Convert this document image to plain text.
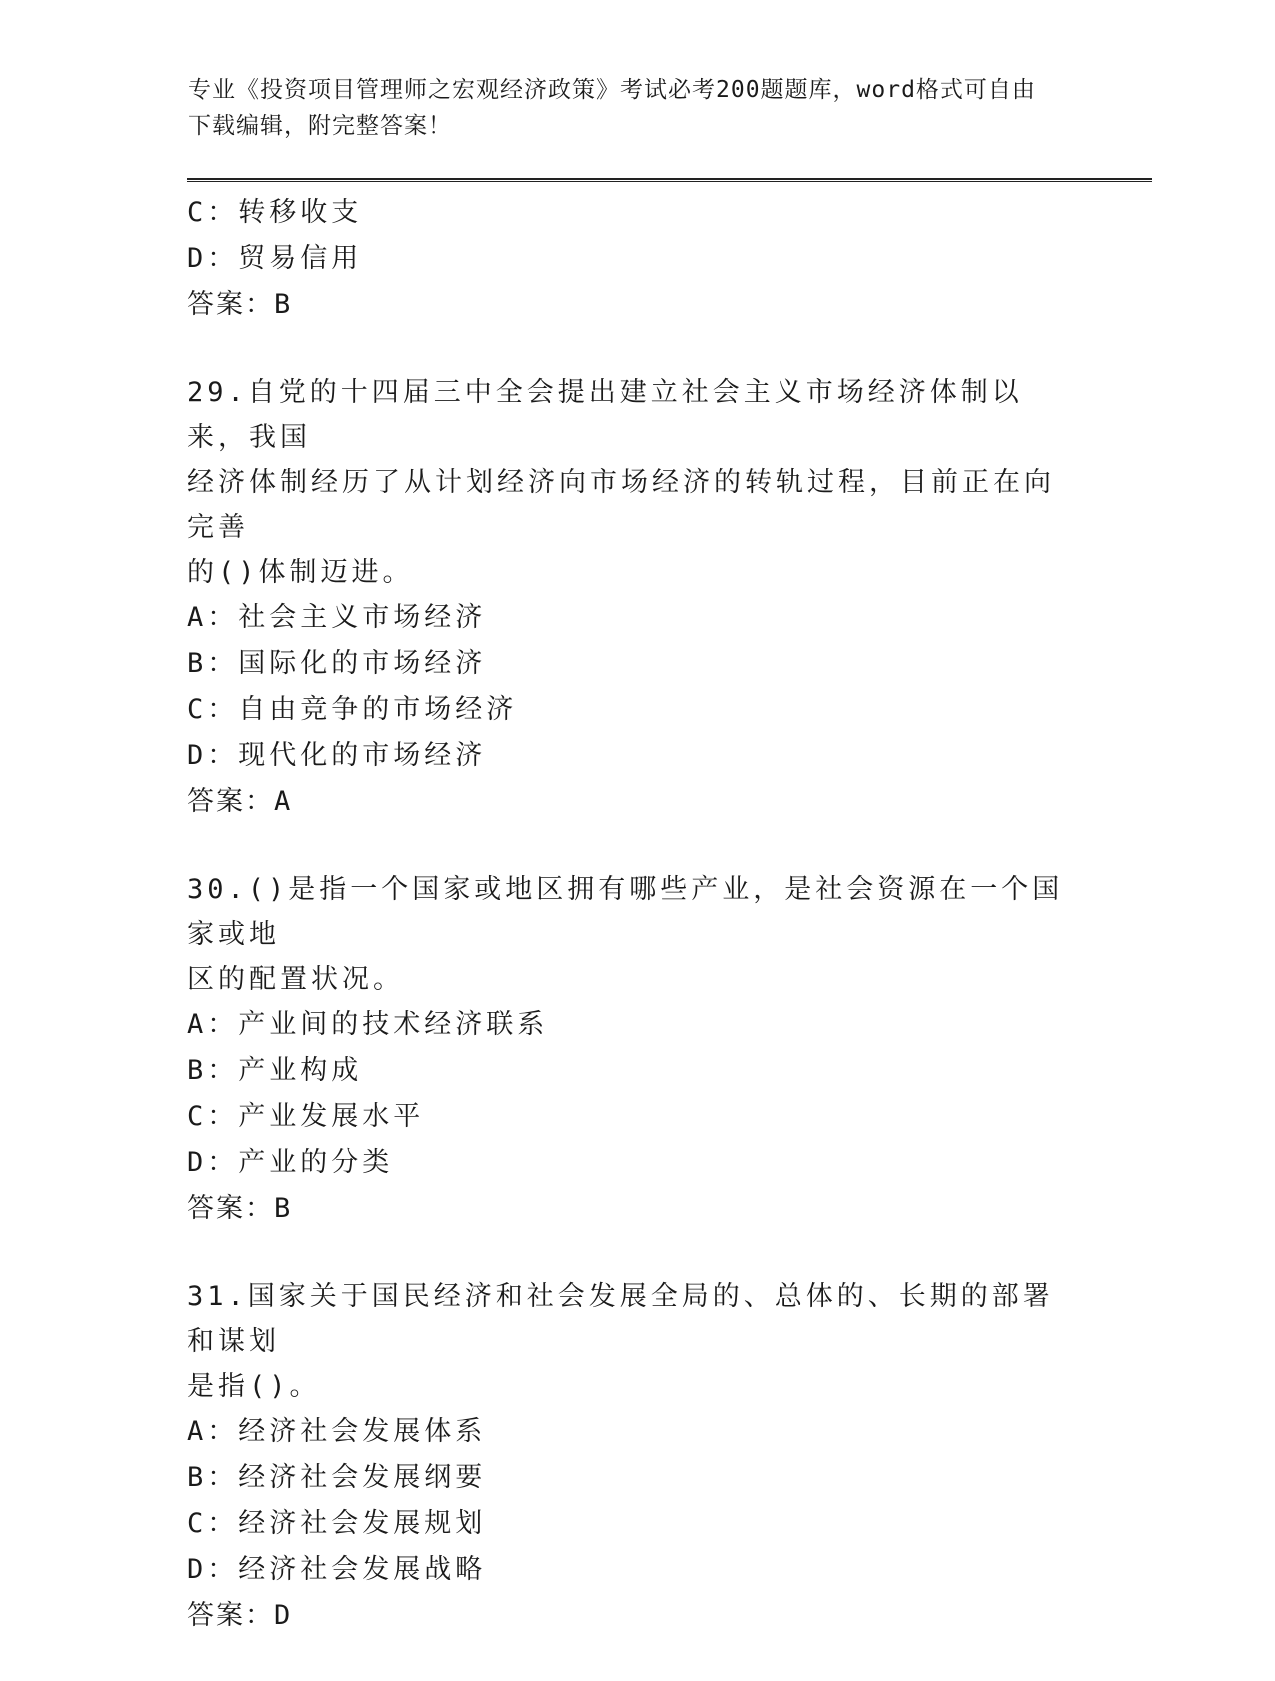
专业《投资项目管理师之宏观经济政策》考试必考200题题库，word格式可自由
下载编辑，附完整答案！
C：转移收支
D：贸易信用
答案：B
29.自党的十四届三中全会提出建立社会主义市场经济体制以来，我国
经济体制经历了从计划经济向市场经济的转轨过程，目前正在向完善
的()体制迈进。
A：社会主义市场经济
B：国际化的市场经济
C：自由竞争的市场经济
D：现代化的市场经济
答案：A
30.()是指一个国家或地区拥有哪些产业，是社会资源在一个国家或地
区的配置状况。
A：产业间的技术经济联系
B：产业构成
C：产业发展水平
D：产业的分类
答案：B
31.国家关于国民经济和社会发展全局的、总体的、长期的部署和谋划
是指()。
A：经济社会发展体系
B：经济社会发展纲要
C：经济社会发展规划
D：经济社会发展战略
答案：D
